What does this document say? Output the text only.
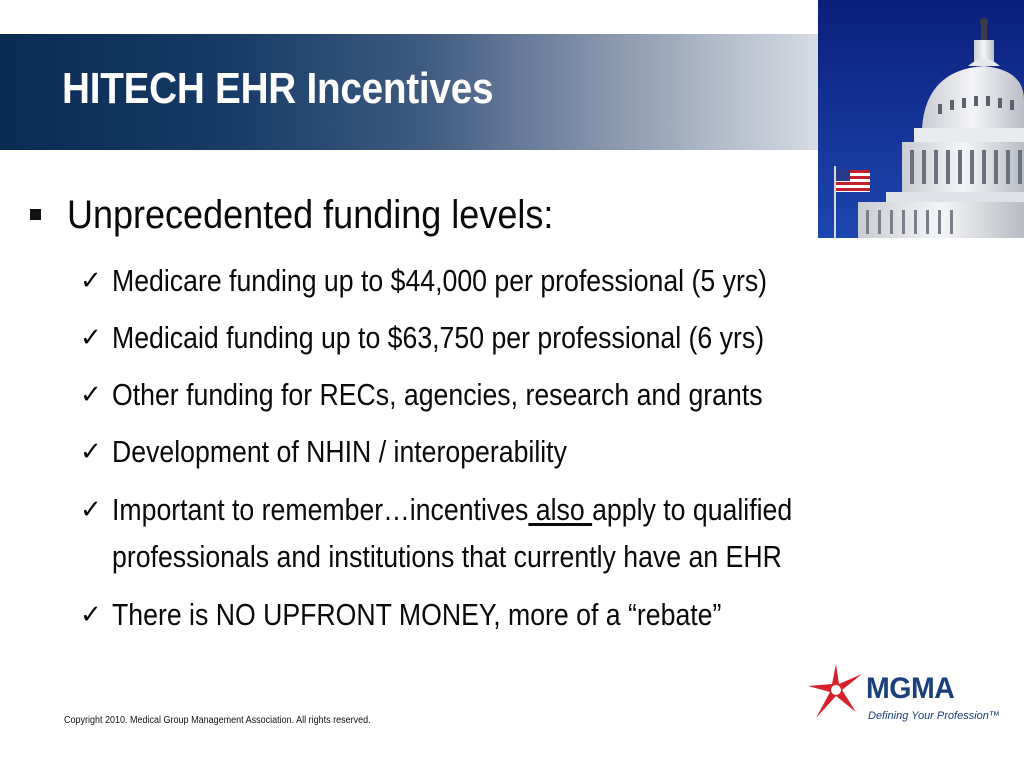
HITECH EHR Incentives
Unprecedented funding levels:
✓ Medicare funding up to $44,000 per professional (5 yrs)
✓ Medicaid funding up to $63,750 per professional (6 yrs)
✓ Other funding for RECs, agencies, research and grants
✓ Development of NHIN / interoperability
✓ Important to remember…incentives also apply to qualified
professionals and institutions that currently have an EHR
✓ There is NO UPFRONT MONEY, more of a “rebate”
MGMA
Defining Your Profession™
Copyright 2010. Medical Group Management Association. All rights reserved.
